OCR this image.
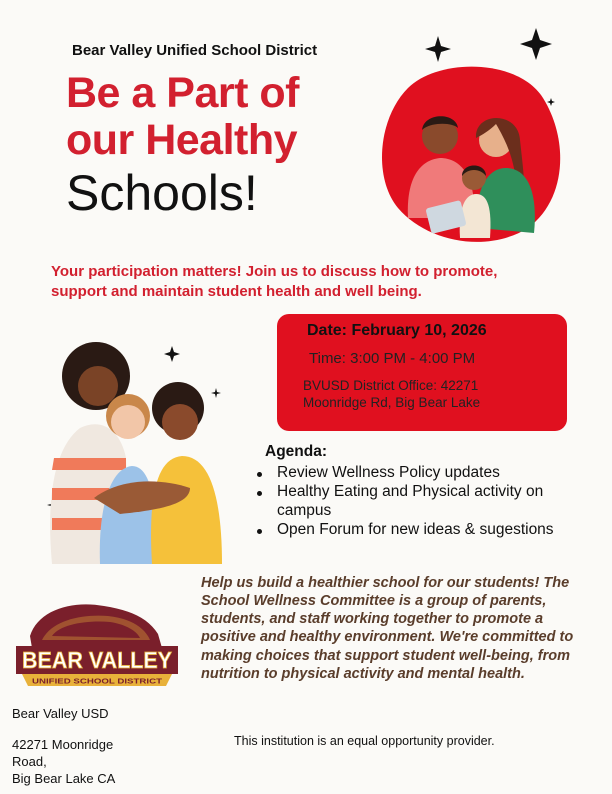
Bear Valley Unified School District
Be a Part of
our Healthy
Schools!
Your participation matters! Join us to discuss how to promote, support and maintain student health and well being.
Date: February 10, 2026
Time: 3:00 PM - 4:00 PM
BVUSD District Office: 42271 Moonridge Rd, Big Bear Lake
Agenda:
Review Wellness Policy updates
Healthy Eating and Physical activity on campus
Open Forum for new ideas & sugestions
Help us build a healthier school for our students! The School Wellness Committee is a group of parents, students, and staff working together to promote a positive and healthy environment. We're committed to making choices that support student well-being, from nutrition to physical activity and mental health.
BEAR VALLEY
UNIFIED SCHOOL DISTRICT
Bear Valley USD
42271 Moonridge
Road,
Big Bear Lake CA
This institution is an equal opportunity provider.
